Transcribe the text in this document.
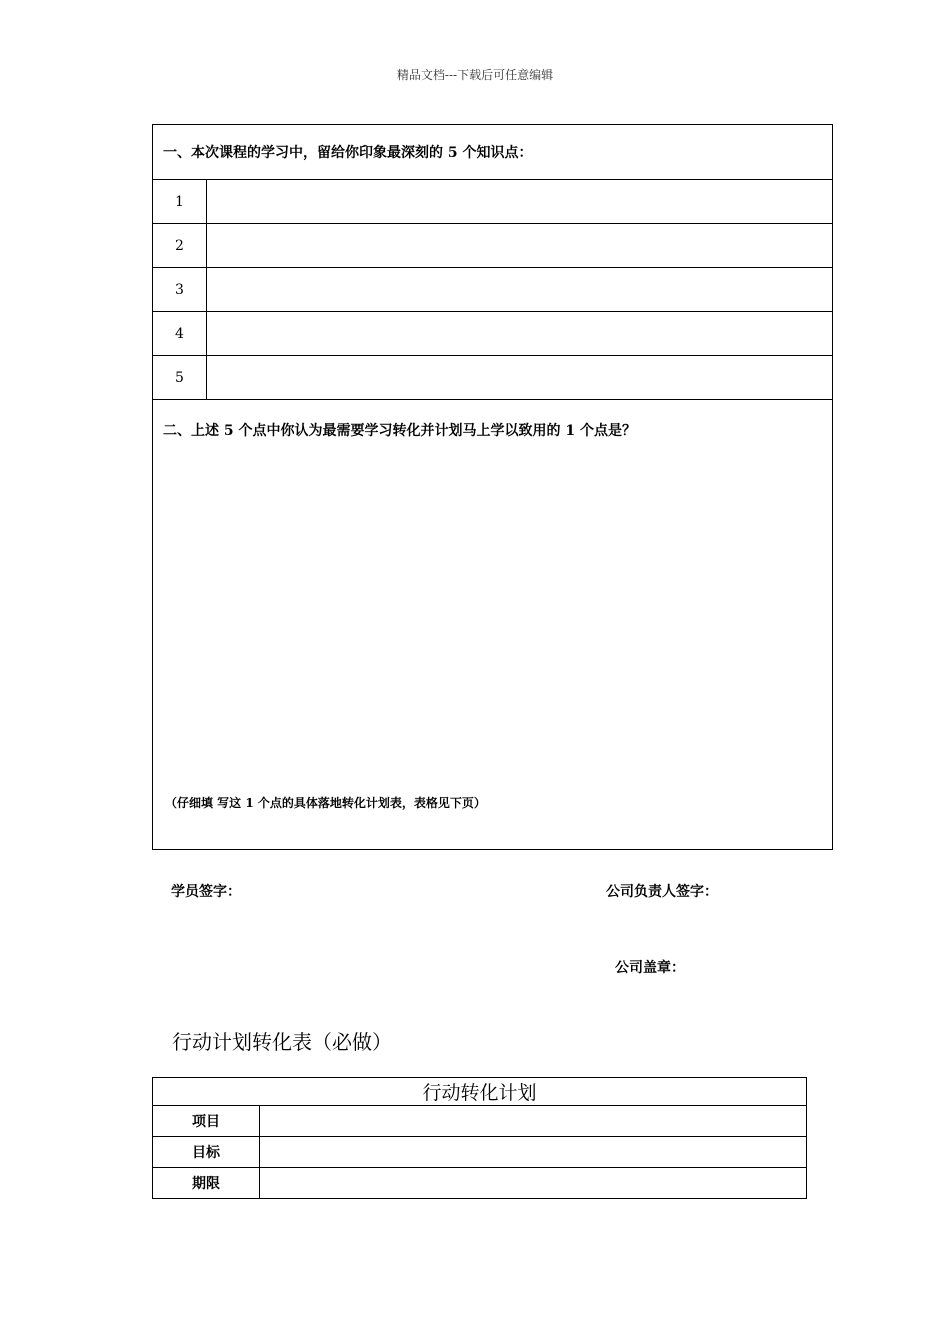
精品文档---下载后可任意编辑
一、本次课程的学习中，留给你印象最深刻的 5 个知识点：	
1	
2	
3	
4	
5	

二、上述 5 个点中你认为最需要学习转化并计划马上学以致用的 1 个点是？
（仔细填 写这 1 个点的具体落地转化计划表，表格见下页）	
学员签字：	公司负责人签字：
公司盖章：
行动计划转化表（必做）
行动转化计划	
项目	
目标	
期限	
